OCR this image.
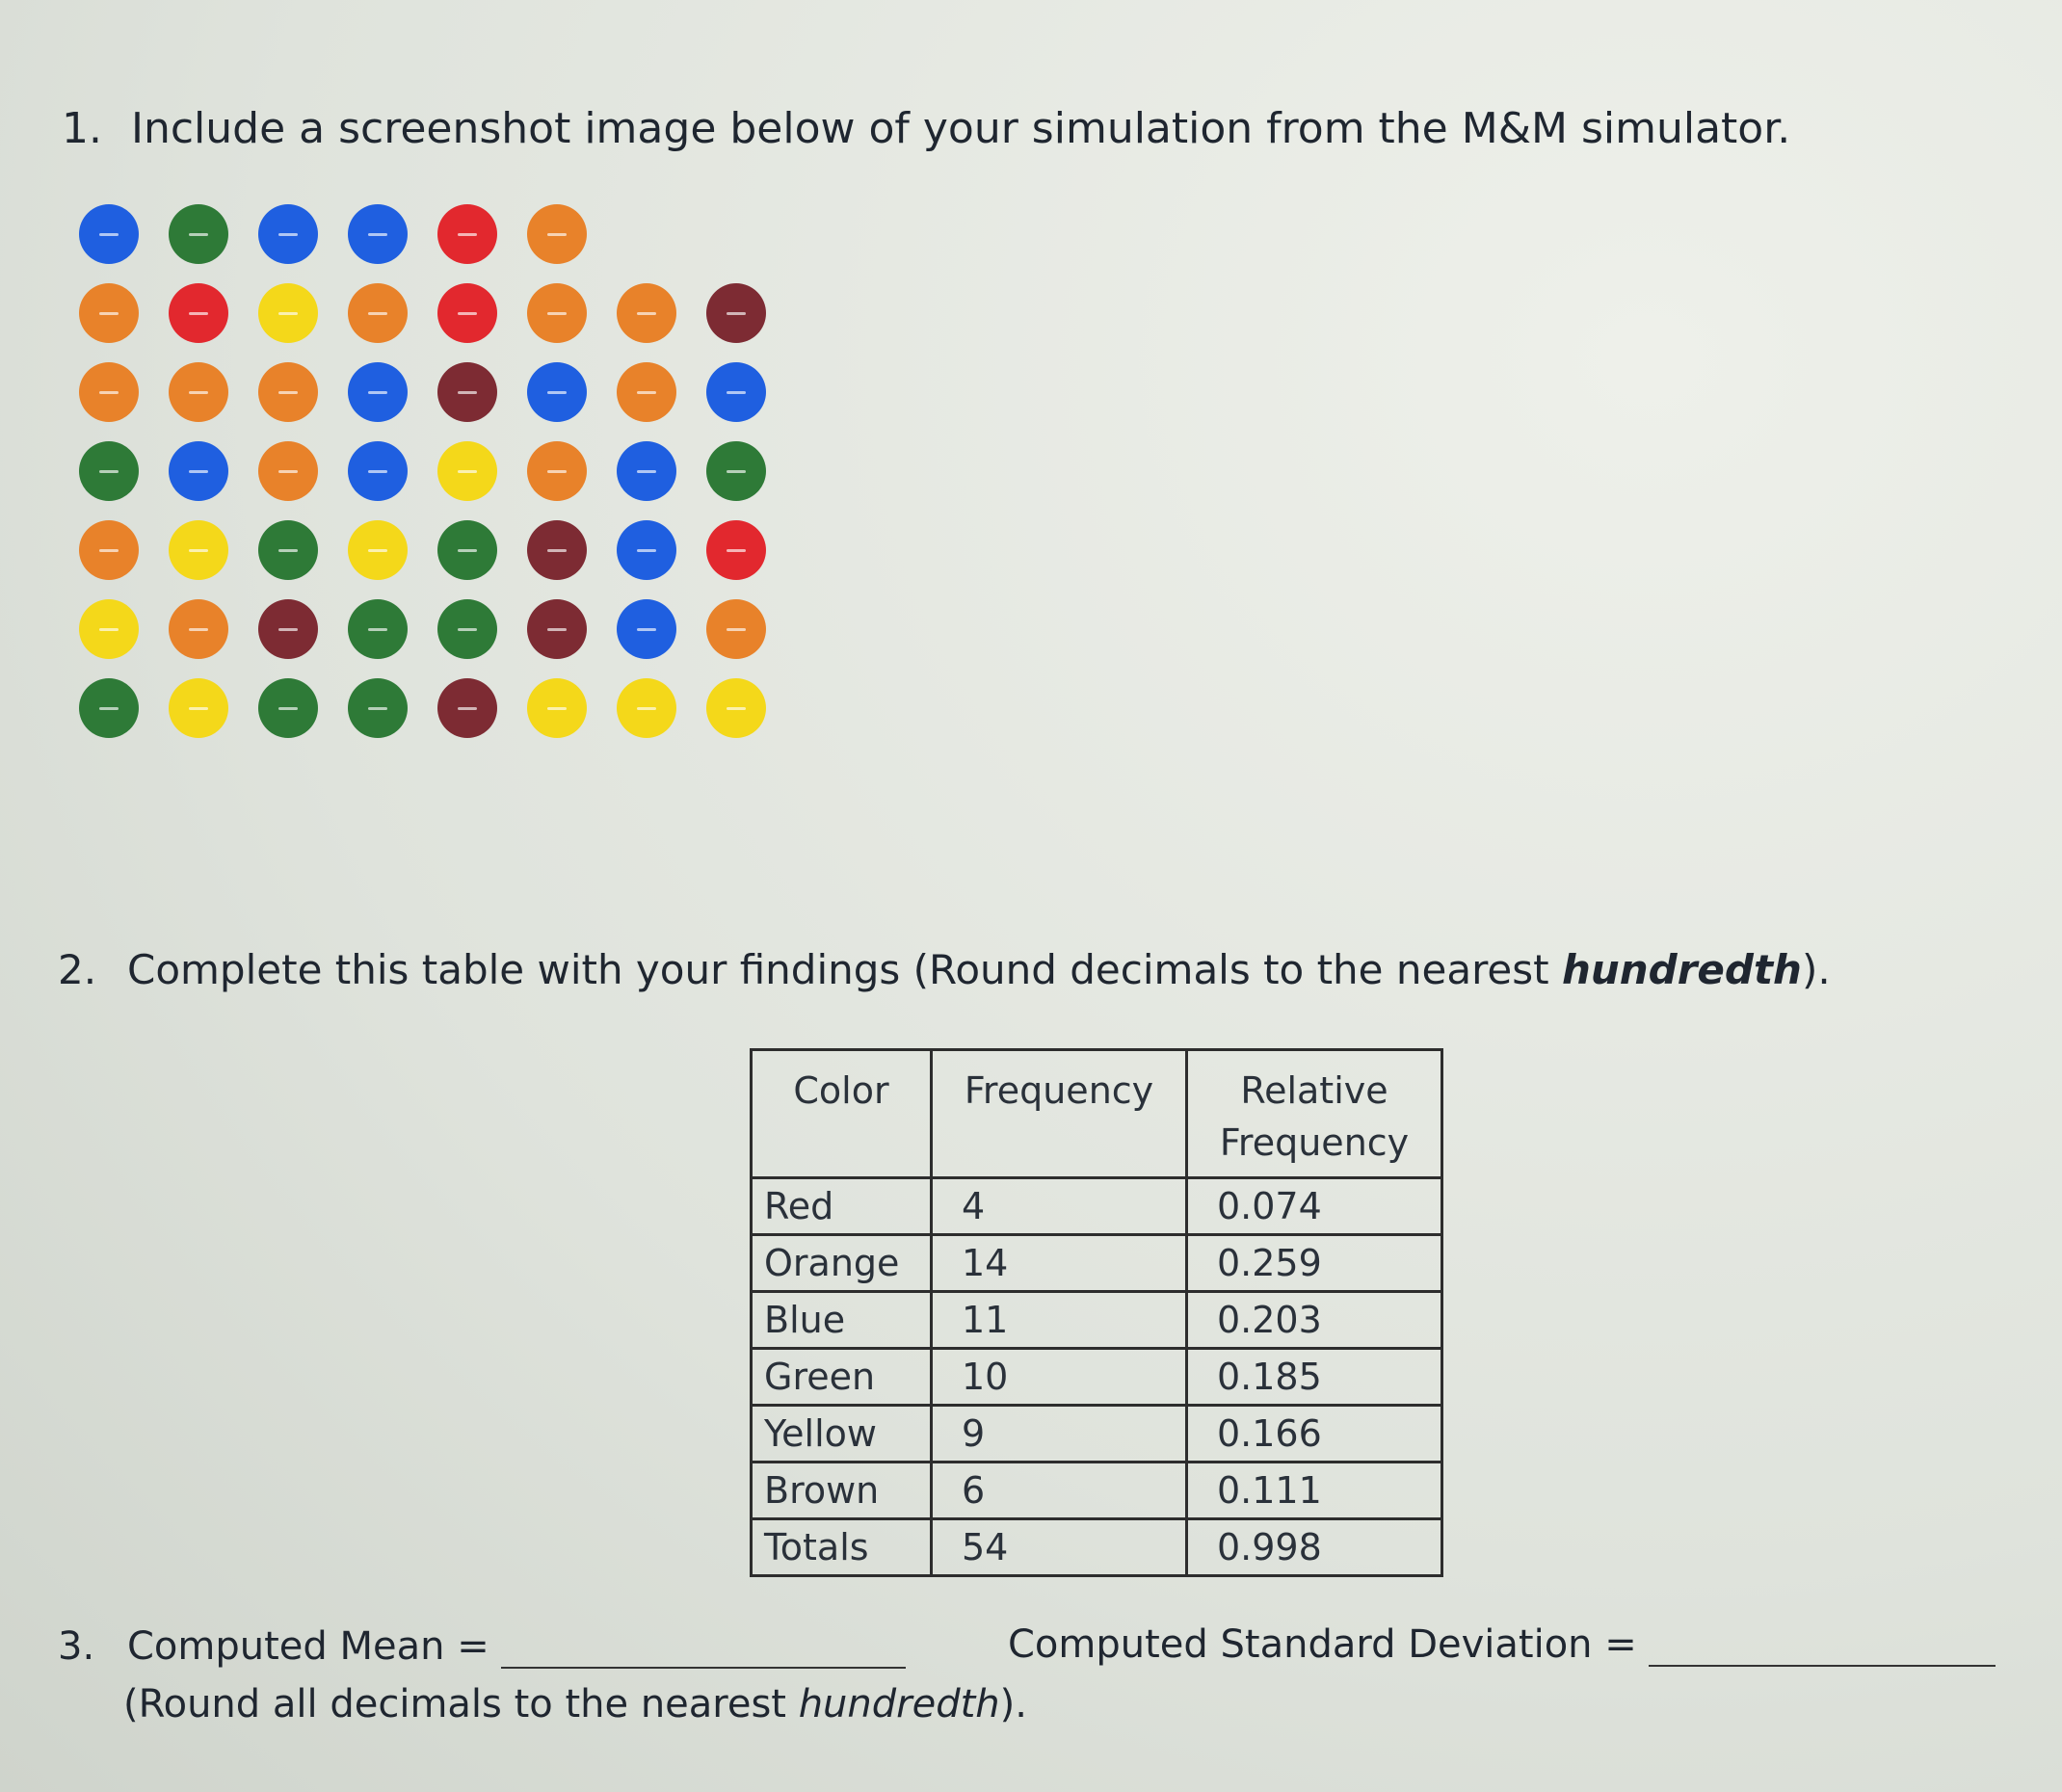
1. Include a screenshot image below of your simulation from the M&M simulator.
2. Complete this table with your findings (Round decimals to the nearest hundredth).
Color	Frequency	Relative Frequency
Red	4	0.074
Orange	14	0.259
Blue	11	0.203
Green	10	0.185
Yellow	9	0.166
Brown	6	0.111
Totals	54	0.998
3. Computed Mean =	Computed Standard Deviation =
(Round all decimals to the nearest hundredth).
